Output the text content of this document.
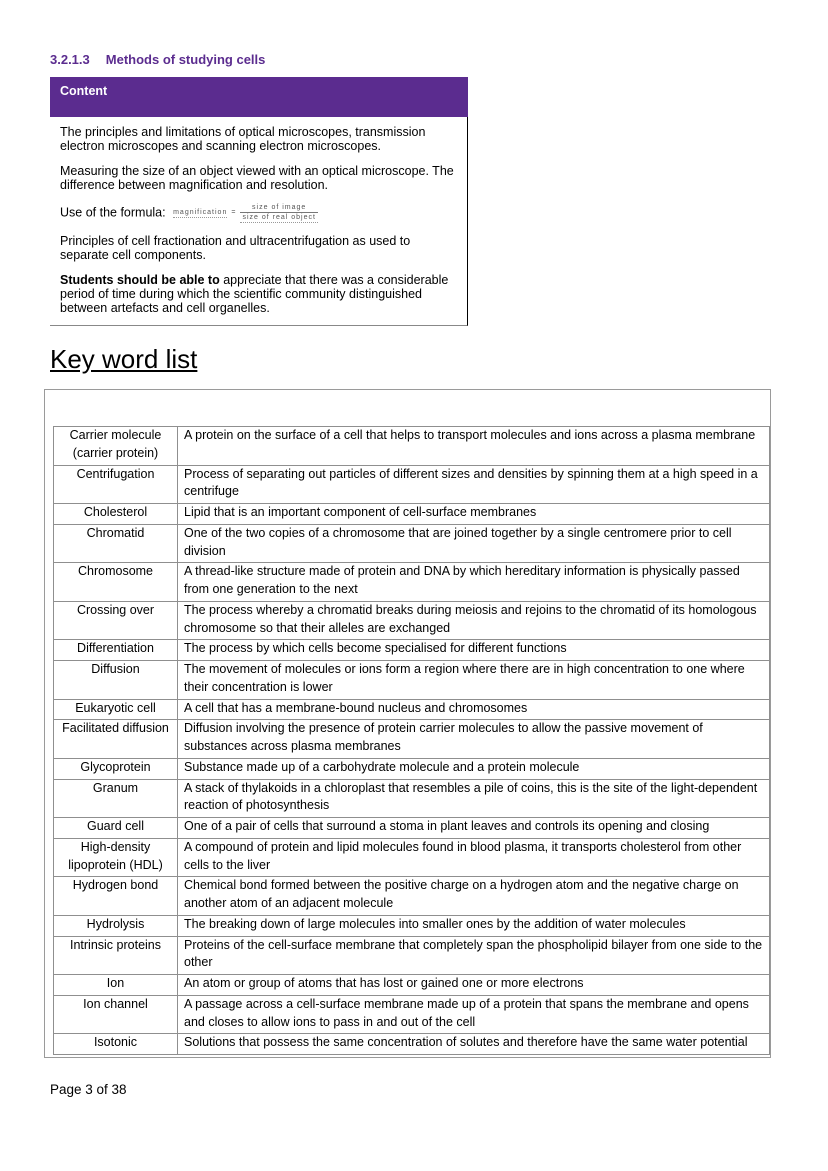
3.2.1.3 Methods of studying cells
Content

The principles and limitations of optical microscopes, transmission electron microscopes and scanning electron microscopes.

Measuring the size of an object viewed with an optical microscope. The difference between magnification and resolution.

Use of the formula: magnification = $\frac{\text{size of image}}{\text{size of real object}}$

Principles of cell fractionation and ultracentrifugation as used to separate cell components.

Students should be able to appreciate that there was a considerable period of time during which the scientific community distinguished between artefacts and cell organelles.

Key word list
Carrier molecule (carrier protein)	A protein on the surface of a cell that helps to transport molecules and ions across a plasma membrane
Centrifugation	Process of separating out particles of different sizes and densities by spinning them at a high speed in a centrifuge
Cholesterol	Lipid that is an important component of cell-surface membranes
Chromatid	One of the two copies of a chromosome that are joined together by a single centromere prior to cell division
Chromosome	A thread-like structure made of protein and DNA by which hereditary information is physically passed from one generation to the next
Crossing over	The process whereby a chromatid breaks during meiosis and rejoins to the chromatid of its homologous chromosome so that their alleles are exchanged
Differentiation	The process by which cells become specialised for different functions
Diffusion	The movement of molecules or ions form a region where there are in high concentration to one where their concentration is lower
Eukaryotic cell	A cell that has a membrane-bound nucleus and chromosomes
Facilitated diffusion	Diffusion involving the presence of protein carrier molecules to allow the passive movement of substances across plasma membranes
Glycoprotein	Substance made up of a carbohydrate molecule and a protein molecule
Granum	A stack of thylakoids in a chloroplast that resembles a pile of coins, this is the site of the light-dependent reaction of photosynthesis
Guard cell	One of a pair of cells that surround a stoma in plant leaves and controls its opening and closing
High-density lipoprotein (HDL)	A compound of protein and lipid molecules found in blood plasma, it transports cholesterol from other cells to the liver
Hydrogen bond	Chemical bond formed between the positive charge on a hydrogen atom and the negative charge on another atom of an adjacent molecule
Hydrolysis	The breaking down of large molecules into smaller ones by the addition of water molecules
Intrinsic proteins	Proteins of the cell-surface membrane that completely span the phospholipid bilayer from one side to the other
Ion	An atom or group of atoms that has lost or gained one or more electrons
Ion channel	A passage across a cell-surface membrane made up of a protein that spans the membrane and opens and closes to allow ions to pass in and out of the cell
Isotonic	Solutions that possess the same concentration of solutes and therefore have the same water potential
Page 3 of 38
